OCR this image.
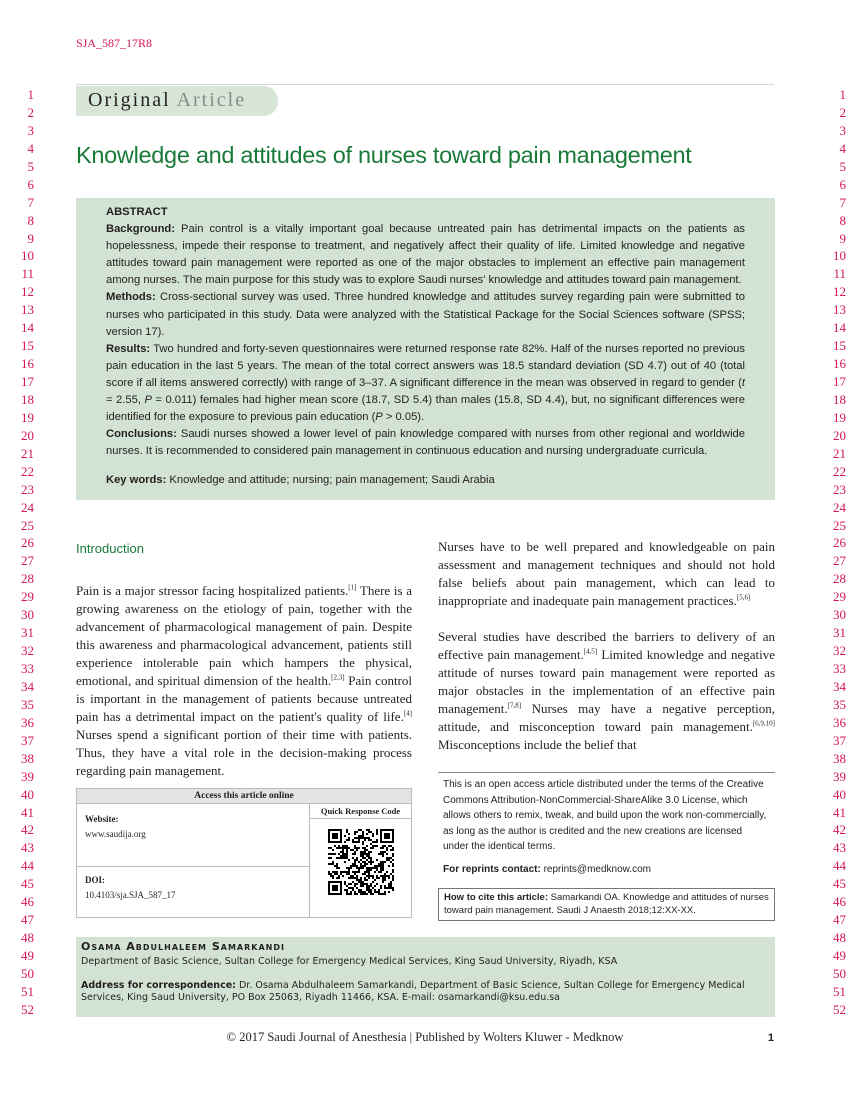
SJA_587_17R8
1
2
3
4
5
6
7
8
9
10
11
12
13
14
15
16
17
18
19
20
21
22
23
24
25
26
27
28
29
30
31
32
33
34
35
36
37
38
39
40
41
42
43
44
45
46
47
48
49
50
51
52
1
2
3
4
5
6
7
8
9
10
11
12
13
14
15
16
17
18
19
20
21
22
23
24
25
26
27
28
29
30
31
32
33
34
35
36
37
38
39
40
41
42
43
44
45
46
47
48
49
50
51
52
Original Article
Knowledge and attitudes of nurses toward pain management
ABSTRACT

Background: Pain control is a vitally important goal because untreated pain has detrimental impacts on the patients as hopelessness, impede their response to treatment, and negatively affect their quality of life. Limited knowledge and negative attitudes toward pain management were reported as one of the major obstacles to implement an effective pain management among nurses. The main purpose for this study was to explore Saudi nurses' knowledge and attitudes toward pain management.

Methods: Cross-sectional survey was used. Three hundred knowledge and attitudes survey regarding pain were submitted to nurses who participated in this study. Data were analyzed with the Statistical Package for the Social Sciences software (SPSS; version 17).

Results: Two hundred and forty-seven questionnaires were returned response rate 82%. Half of the nurses reported no previous pain education in the last 5 years. The mean of the total correct answers was 18.5 standard deviation (SD 4.7) out of 40 (total score if all items answered correctly) with range of 3–37. A significant difference in the mean was observed in regard to gender (t = 2.55, P = 0.011) females had higher mean score (18.7, SD 5.4) than males (15.8, SD 4.4), but, no significant differences were identified for the exposure to previous pain education (P > 0.05).

Conclusions: Saudi nurses showed a lower level of pain knowledge compared with nurses from other regional and worldwide nurses. It is recommended to considered pain management in continuous education and nursing undergraduate curricula.

Key words: Knowledge and attitude; nursing; pain management; Saudi Arabia

Introduction

Pain is a major stressor facing hospitalized patients.[1] There is a growing awareness on the etiology of pain, together with the advancement of pharmacological management of pain. Despite this awareness and pharmacological advancement, patients still experience intolerable pain which hampers the physical, emotional, and spiritual dimension of the health.[2,3] Pain control is important in the management of patients because untreated pain has a detrimental impact on the patient's quality of life.[4] Nurses spend a significant portion of their time with patients. Thus, they have a vital role in the decision-making process regarding pain management.

Nurses have to be well prepared and knowledgeable on pain assessment and management techniques and should not hold false beliefs about pain management, which can lead to inappropriate and inadequate pain management practices.[5,6]

Several studies have described the barriers to delivery of an effective pain management.[4,5] Limited knowledge and negative attitude of nurses toward pain management were reported as major obstacles in the implementation of an effective pain management.[7,8] Nurses may have a negative perception, attitude, and misconception toward pain management.[6,9,10] Misconceptions include the belief that

Access this article online
Website:
www.saudija.org
DOI:
10.4103/sja.SJA_587_17
Quick Response Code
This is an open access article distributed under the terms of the Creative Commons Attribution-NonCommercial-ShareAlike 3.0 License, which allows others to remix, tweak, and build upon the work non-commercially, as long as the author is credited and the new creations are licensed under the identical terms.
For reprints contact: reprints@medknow.com
How to cite this article: Samarkandi OA. Knowledge and attitudes of nurses toward pain management. Saudi J Anaesth 2018;12:XX-XX.
Osama Abdulhaleem Samarkandi
Department of Basic Science, Sultan College for Emergency Medical Services, King Saud University, Riyadh, KSA
Address for correspondence: Dr. Osama Abdulhaleem Samarkandi, Department of Basic Science, Sultan College for Emergency Medical Services, King Saud University, PO Box 25063, Riyadh 11466, KSA. E-mail: osamarkandi@ksu.edu.sa
© 2017 Saudi Journal of Anesthesia | Published by Wolters Kluwer - Medknow	1
